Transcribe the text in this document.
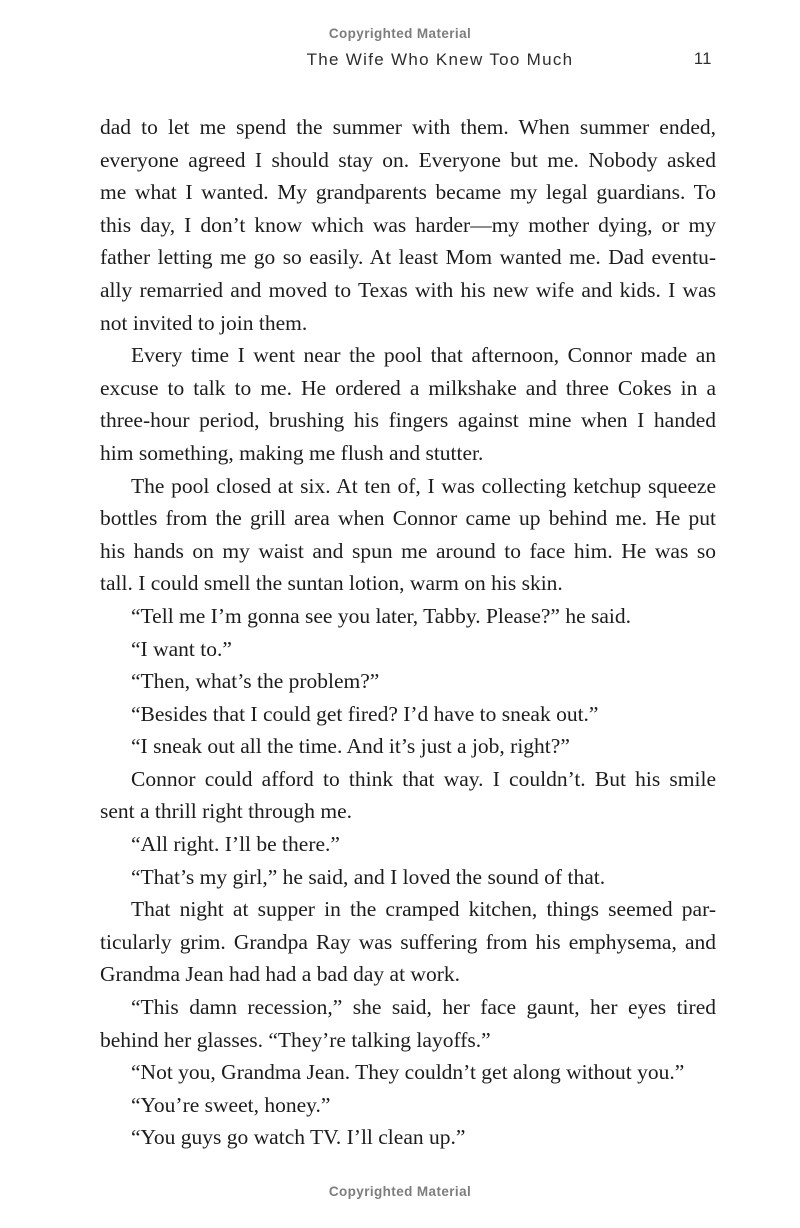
Copyrighted Material
The Wife Who Knew Too Much	11
dad to let me spend the summer with them. When summer ended,
everyone agreed I should stay on. Everyone but me. Nobody asked
me what I wanted. My grandparents became my legal guardians. To
this day, I don’t know which was harder—my mother dying, or my
father letting me go so easily. At least Mom wanted me. Dad eventu-
ally remarried and moved to Texas with his new wife and kids. I was
not invited to join them.
Every time I went near the pool that afternoon, Connor made an
excuse to talk to me. He ordered a milkshake and three Cokes in a
three-hour period, brushing his fingers against mine when I handed
him something, making me flush and stutter.
The pool closed at six. At ten of, I was collecting ketchup squeeze
bottles from the grill area when Connor came up behind me. He put
his hands on my waist and spun me around to face him. He was so
tall. I could smell the suntan lotion, warm on his skin.
“Tell me I’m gonna see you later, Tabby. Please?” he said.
“I want to.”
“Then, what’s the problem?”
“Besides that I could get fired? I’d have to sneak out.”
“I sneak out all the time. And it’s just a job, right?”
Connor could afford to think that way. I couldn’t. But his smile
sent a thrill right through me.
“All right. I’ll be there.”
“That’s my girl,” he said, and I loved the sound of that.
That night at supper in the cramped kitchen, things seemed par-
ticularly grim. Grandpa Ray was suffering from his emphysema, and
Grandma Jean had had a bad day at work.
“This damn recession,” she said, her face gaunt, her eyes tired
behind her glasses. “They’re talking layoffs.”
“Not you, Grandma Jean. They couldn’t get along without you.”
“You’re sweet, honey.”
“You guys go watch TV. I’ll clean up.”
Copyrighted Material
